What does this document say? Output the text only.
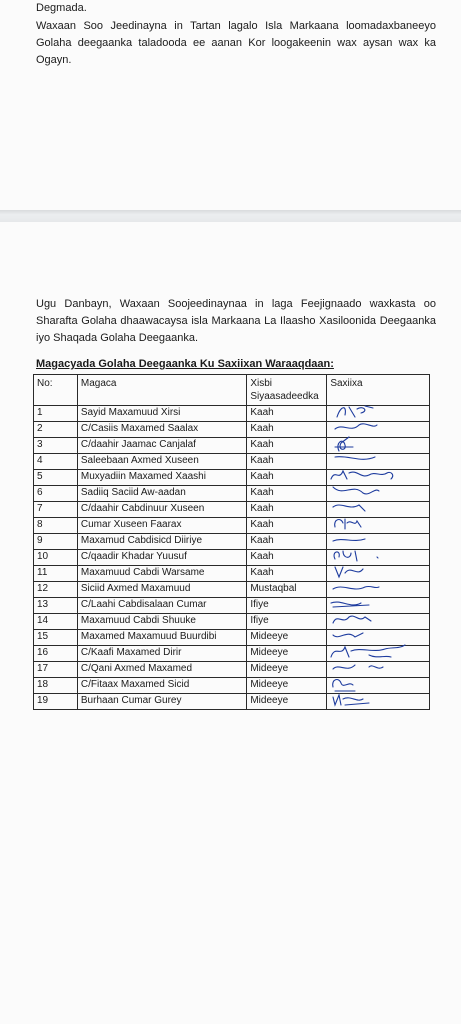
Degmada.
Waxaan Soo Jeedinayna in Tartan lagalo Isla Markaana loomadaxbaneeyo Golaha deegaanka taladooda ee aanan Kor loogakeenin wax aysan wax ka Ogayn.
Ugu Danbayn, Waxaan Soojeedinaynaa in laga Feejignaado waxkasta oo Sharafta Golaha dhaawacaysa isla Markaana La Ilaasho Xasiloonida Deegaanka iyo Shaqada Golaha Deegaanka.
Magacyada Golaha Deegaanka Ku Saxiixan Waraaqdaan:
No:	Magaca	Xisbi Siyaasadeedka	Saxiixa
1	Sayid Maxamuud Xirsi	Kaah	

2	C/Casiis Maxamed Saalax	Kaah	

3	C/daahir Jaamac Canjalaf	Kaah	

4	Saleebaan Axmed Xuseen	Kaah	

5	Muxyadiin Maxamed Xaashi	Kaah	

6	Sadiiq Saciid Aw-aadan	Kaah	

7	C/daahir Cabdinuur Xuseen	Kaah	

8	Cumar Xuseen Faarax	Kaah	

9	Maxamud Cabdisicd Diiriye	Kaah	

10	C/qaadir Khadar Yuusuf	Kaah	

11	Maxamuud Cabdi Warsame	Kaah	

12	Siciid Axmed Maxamuud	Mustaqbal	

13	C/Laahi Cabdisalaan Cumar	Ifiye	

14	Maxamuud Cabdi Shuuke	Ifiye	

15	Maxamed Maxamuud Buurdibi	Mideeye	

16	C/Kaafi Maxamed Dirir	Mideeye	

17	C/Qani Axmed Maxamed	Mideeye	

18	C/Fitaax Maxamed Sicid	Mideeye	

19	Burhaan Cumar Gurey	Mideeye	
